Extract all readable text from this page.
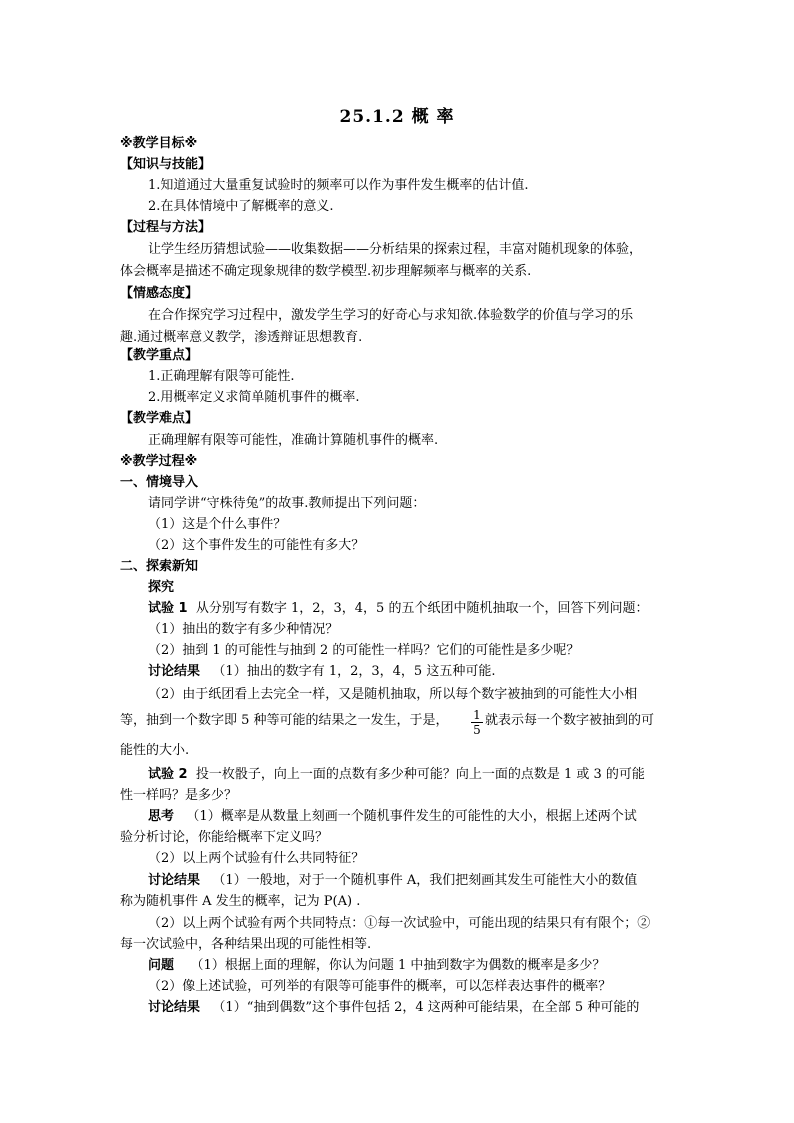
25.1.2 概 率
※教学目标※
【知识与技能】
1.知道通过大量重复试验时的频率可以作为事件发生概率的估计值.
2.在具体情境中了解概率的意义.
【过程与方法】
让学生经历猜想试验——收集数据——分析结果的探索过程，丰富对随机现象的体验，
体会概率是描述不确定现象规律的数学模型.初步理解频率与概率的关系.
【情感态度】
在合作探究学习过程中，激发学生学习的好奇心与求知欲.体验数学的价值与学习的乐
趣.通过概率意义教学，渗透辩证思想教育.
【教学重点】
1.正确理解有限等可能性.
2.用概率定义求简单随机事件的概率.
【教学难点】
正确理解有限等可能性，准确计算随机事件的概率.
※教学过程※
一、情境导入
请同学讲“守株待兔”的故事.教师提出下列问题：
（1）这是个什么事件？
（2）这个事件发生的可能性有多大？
二、探索新知
探究
试验 1 从分别写有数字 1，2，3，4，5 的五个纸团中随机抽取一个，回答下列问题：
（1）抽出的数字有多少种情况？
（2）抽到 1 的可能性与抽到 2 的可能性一样吗？它们的可能性是多少呢？
讨论结果 （1）抽出的数字有 1，2，3，4，5 这五种可能.
（2）由于纸团看上去完全一样，又是随机抽取，所以每个数字被抽到的可能性大小相
等，抽到一个数字即 5 种等可能的结果之一发生，于是， 1
5
就表示每一个数字被抽到的可
能性的大小.
试验 2 投一枚骰子，向上一面的点数有多少种可能？向上一面的点数是 1 或 3 的可能
性一样吗？是多少？
思考 （1）概率是从数量上刻画一个随机事件发生的可能性的大小，根据上述两个试
验分析讨论，你能给概率下定义吗？
（2）以上两个试验有什么共同特征？
讨论结果 （1）一般地，对于一个随机事件 A，我们把刻画其发生可能性大小的数值
称为随机事件 A 发生的概率，记为 P(A) .
（2）以上两个试验有两个共同特点：①每一次试验中，可能出现的结果只有有限个；②
每一次试验中，各种结果出现的可能性相等.
问题 （1）根据上面的理解，你认为问题 1 中抽到数字为偶数的概率是多少？
（2）像上述试验，可列举的有限等可能事件的概率，可以怎样表达事件的概率？
讨论结果 （1）“抽到偶数”这个事件包括 2，4 这两种可能结果，在全部 5 种可能的
